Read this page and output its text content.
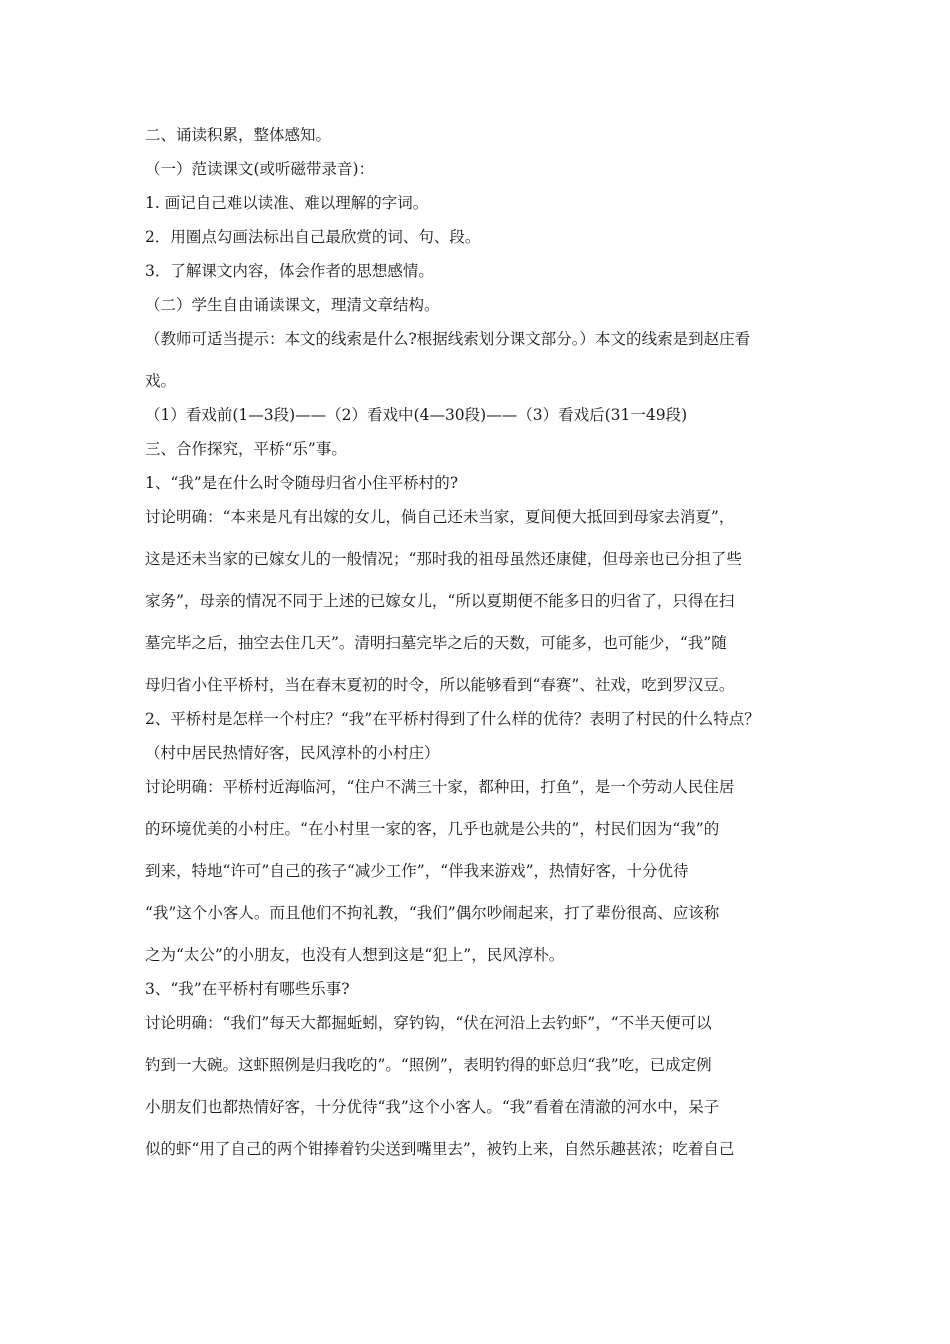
二、诵读积累，整体感知。

（一）范读课文(或听磁带录音)：

1. 画记自己难以读准、难以理解的字词。

2．用圈点勾画法标出自己最欣赏的词、句、段。

3．了解课文内容，体会作者的思想感情。

（二）学生自由诵读课文，理清文章结构。

（教师可适当提示：本文的线索是什么?根据线索划分课文部分。）本文的线索是到赵庄看

戏。

（1）看戏前(1—3段)——（2）看戏中(4—30段)——（3）看戏后(31一49段)

三、合作探究，平桥“乐”事。

1、“我”是在什么时令随母归省小住平桥村的?

讨论明确：“本来是凡有出嫁的女儿，倘自己还未当家，夏间便大抵回到母家去消夏”，

这是还未当家的已嫁女儿的一般情况；“那时我的祖母虽然还康健，但母亲也已分担了些

家务”，母亲的情况不同于上述的已嫁女儿，“所以夏期便不能多日的归省了，只得在扫

墓完毕之后，抽空去住几天”。清明扫墓完毕之后的天数，可能多，也可能少，“我”随

母归省小住平桥村，当在春末夏初的时令，所以能够看到“春赛”、社戏，吃到罗汉豆。

2、平桥村是怎样一个村庄？“我”在平桥村得到了什么样的优待？表明了村民的什么特点？

（村中居民热情好客，民风淳朴的小村庄）

讨论明确：平桥村近海临河，“住户不满三十家，都种田，打鱼”，是一个劳动人民住居

的环境优美的小村庄。“在小村里一家的客，几乎也就是公共的”，村民们因为“我”的

到来，特地“许可”自己的孩子“减少工作”，“伴我来游戏”，热情好客，十分优待

“我”这个小客人。而且他们不拘礼教，“我们”偶尔吵闹起来，打了辈份很高、应该称

之为“太公”的小朋友，也没有人想到这是“犯上”，民风淳朴。

3、“我”在平桥村有哪些乐事?

讨论明确：“我们”每天大都掘蚯蚓，穿钓钩，“伏在河沿上去钓虾”，“不半天便可以

钓到一大碗。这虾照例是归我吃的”。“照例”，表明钓得的虾总归“我”吃，已成定例

小朋友们也都热情好客，十分优待“我”这个小客人。“我”看着在清澈的河水中，呆子

似的虾“用了自己的两个钳捧着钓尖送到嘴里去”，被钓上来，自然乐趣甚浓；吃着自己
